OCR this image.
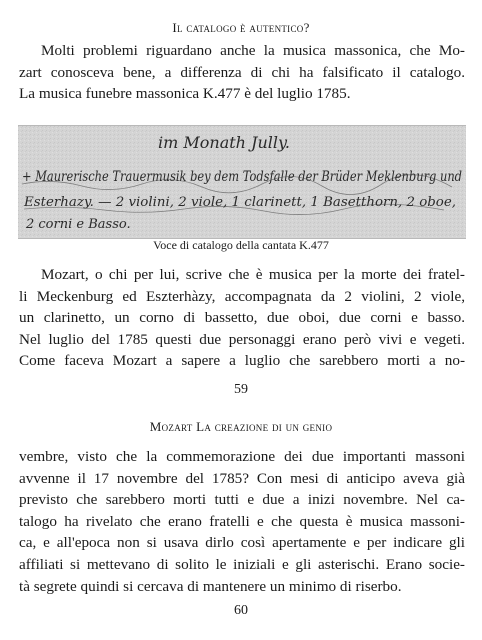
Il catalogo è autentico?
Molti problemi riguardano anche la musica massonica, che Mo-
zart conosceva bene, a differenza di chi ha falsificato il catalogo.
La musica funebre massonica K.477 è del luglio 1785.
im Monath Jully.
+ Maurerische Trauermusik bey dem Todsfalle der Brüder Meklenburg und
Esterhazy. — 2 violini, 2 viole, 1 clarinett, 1 Basetthorn, 2 oboe,
2 corni e Basso.
Voce di catalogo della cantata K.477
Mozart, o chi per lui, scrive che è musica per la morte dei fratel-
li Meckenburg ed Eszterhàzy, accompagnata da 2 violini, 2 viole,
un clarinetto, un corno di bassetto, due oboi, due corni e basso.
Nel luglio del 1785 questi due personaggi erano però vivi e vegeti.
Come faceva Mozart a sapere a luglio che sarebbero morti a no-
59
Mozart La creazione di un genio
vembre, visto che la commemorazione dei due importanti massoni
avvenne il 17 novembre del 1785? Con mesi di anticipo aveva già
previsto che sarebbero morti tutti e due a inizi novembre. Nel ca-
talogo ha rivelato che erano fratelli e che questa è musica massoni-
ca, e all'epoca non si usava dirlo così apertamente e per indicare gli
affiliati si mettevano di solito le iniziali e gli asterischi. Erano socie-
tà segrete quindi si cercava di mantenere un minimo di riserbo.
60
